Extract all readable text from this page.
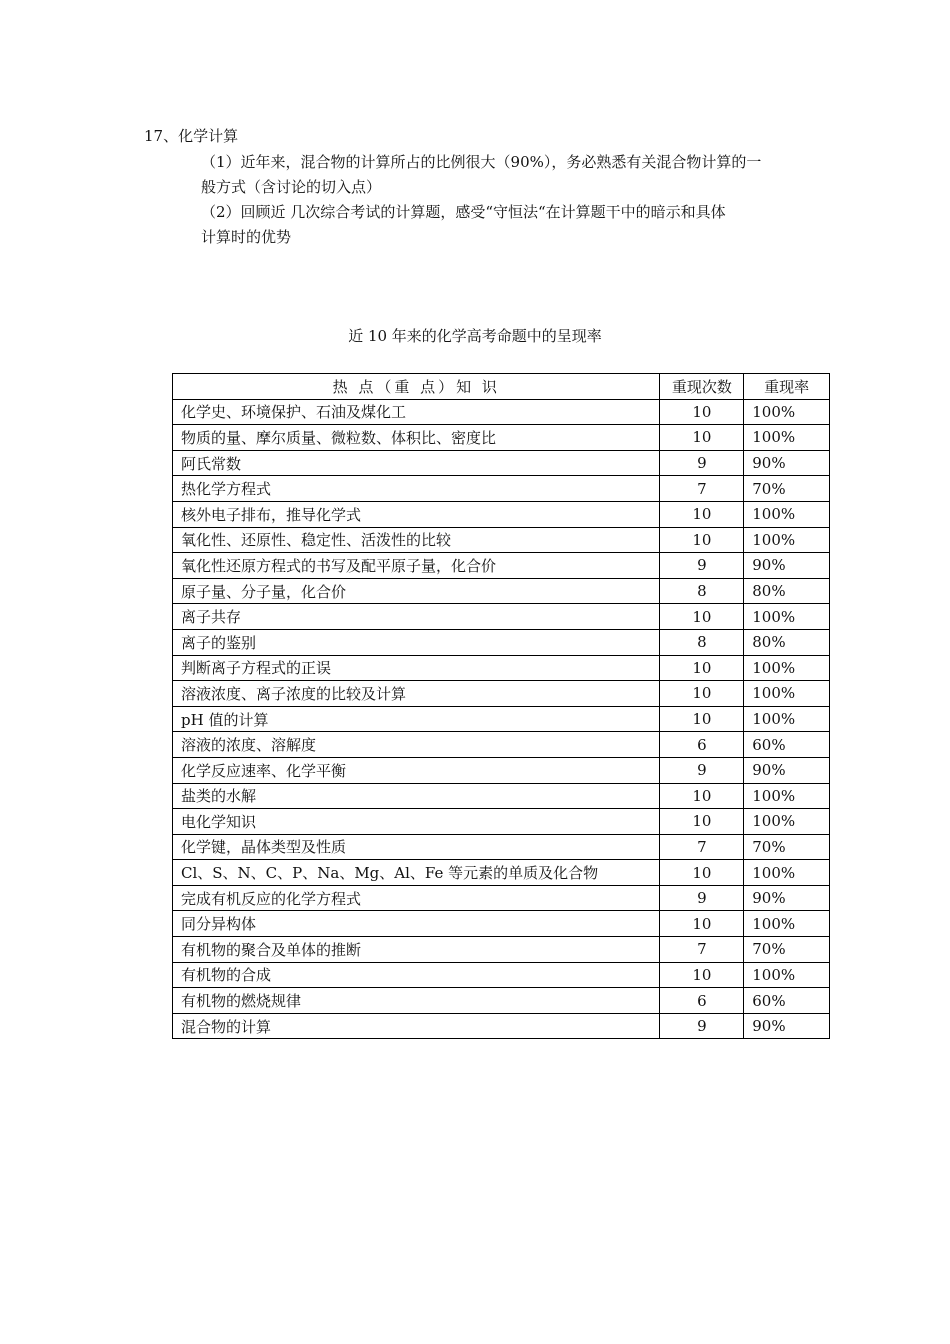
17、化学计算
（1）近年来，混合物的计算所占的比例很大（90%），务必熟悉有关混合物计算的一
般方式（含讨论的切入点）
（2）回顾近 几次综合考试的计算题，感受“守恒法“在计算题干中的暗示和具体
计算时的优势
近 10 年来的化学高考命题中的呈现率
热 点（重 点）知 识	重现次数	重现率
化学史、环境保护、石油及煤化工	10	100%
物质的量、摩尔质量、微粒数、体积比、密度比	10	100%
阿氏常数	9	90%
热化学方程式	7	70%
核外电子排布，推导化学式	10	100%
氧化性、还原性、稳定性、活泼性的比较	10	100%
氧化性还原方程式的书写及配平原子量，化合价	9	90%
原子量、分子量，化合价	8	80%
离子共存	10	100%
离子的鉴别	8	80%
判断离子方程式的正误	10	100%
溶液浓度、离子浓度的比较及计算	10	100%
pH 值的计算	10	100%
溶液的浓度、溶解度	6	60%
化学反应速率、化学平衡	9	90%
盐类的水解	10	100%
电化学知识	10	100%
化学键，晶体类型及性质	7	70%
Cl、S、N、C、P、Na、Mg、Al、Fe 等元素的单质及化合物	10	100%
完成有机反应的化学方程式	9	90%
同分异构体	10	100%
有机物的聚合及单体的推断	7	70%
有机物的合成	10	100%
有机物的燃烧规律	6	60%
混合物的计算	9	90%
